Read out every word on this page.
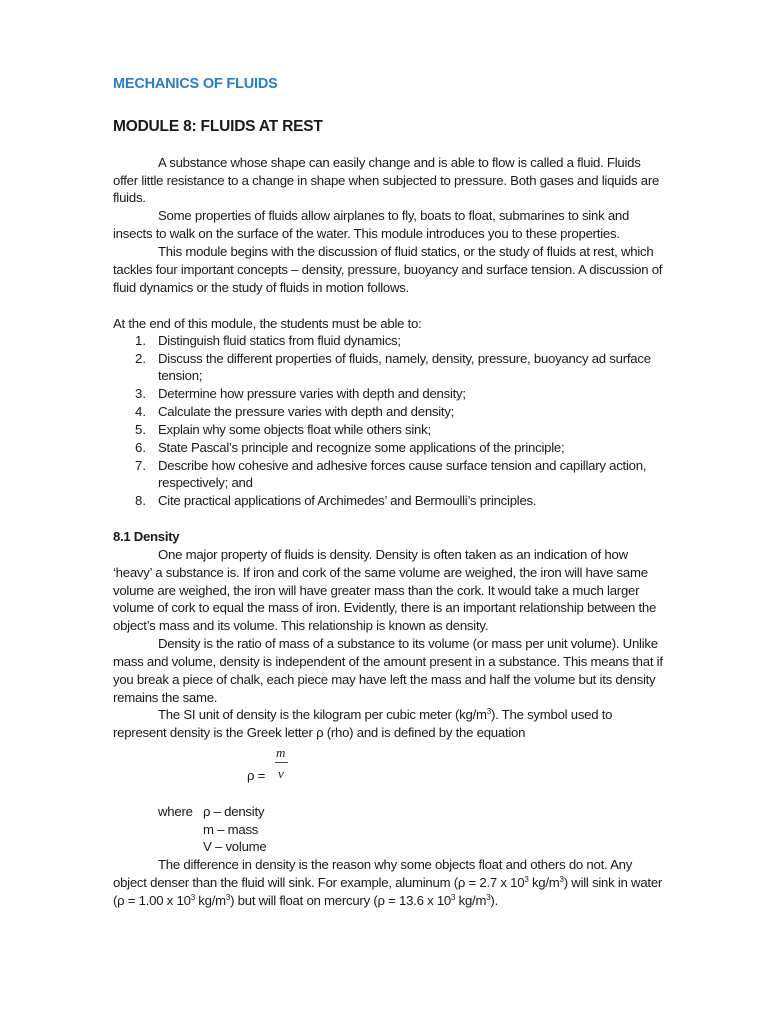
MECHANICS OF FLUIDS
MODULE 8: FLUIDS AT REST
A substance whose shape can easily change and is able to flow is called a fluid. Fluids
offer little resistance to a change in shape when subjected to pressure. Both gases and liquids are
fluids.
Some properties of fluids allow airplanes to fly, boats to float, submarines to sink and
insects to walk on the surface of the water. This module introduces you to these properties.
This module begins with the discussion of fluid statics, or the study of fluids at rest, which
tackles four important concepts – density, pressure, buoyancy and surface tension. A discussion of
fluid dynamics or the study of fluids in motion follows.
At the end of this module, the students must be able to:
1. Distinguish fluid statics from fluid dynamics;
2. Discuss the different properties of fluids, namely, density, pressure, buoyancy ad surface
tension;
3. Determine how pressure varies with depth and density;
4. Calculate the pressure varies with depth and density;
5. Explain why some objects float while others sink;
6. State Pascal’s principle and recognize some applications of the principle;
7. Describe how cohesive and adhesive forces cause surface tension and capillary action,
respectively; and
8. Cite practical applications of Archimedes’ and Bermoulli’s principles.
8.1 Density
One major property of fluids is density. Density is often taken as an indication of how
‘heavy’ a substance is. If iron and cork of the same volume are weighed, the iron will have same
volume are weighed, the iron will have greater mass than the cork. It would take a much larger
volume of cork to equal the mass of iron. Evidently, there is an important relationship between the
object’s mass and its volume. This relationship is known as density.
Density is the ratio of mass of a substance to its volume (or mass per unit volume). Unlike
mass and volume, density is independent of the amount present in a substance. This means that if
you break a piece of chalk, each piece may have left the mass and half the volume but its density
remains the same.
The SI unit of density is the kilogram per cubic meter $(kg/m^3)$. The symbol used to
represent density is the Greek letter ρ (rho) and is defined by the equation
ρ =
m
v
where ρ – density
m – mass
V – volume
The difference in density is the reason why some objects float and others do not. Any
object denser than the fluid will sink. For example, aluminum (ρ = 2.7 x $10^3$ $kg/m^3$) will sink in water
(ρ = 1.00 x $10^3$ $kg/m^3$) but will float on mercury (ρ = 13.6 x $10^3$ $kg/m^3$).
